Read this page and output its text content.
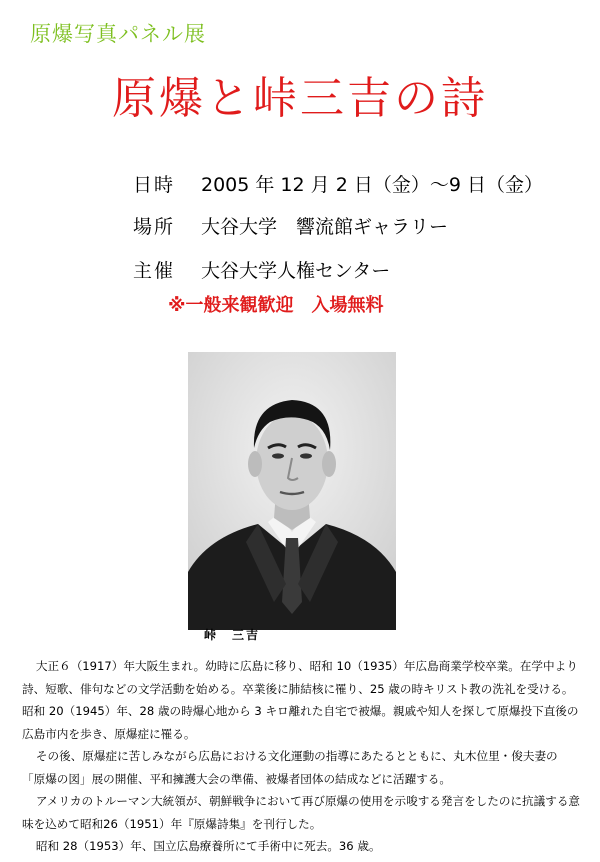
原爆写真パネル展
原爆と峠三吉の詩
日時 2005 年 12 月 2 日（金）～9 日（金）
場所 大谷大学　響流館ギャラリー
主催 大谷大学人権センター
※一般来観歓迎　入場無料
峠　三吉

大正６（1917）年大阪生まれ。幼時に広島に移り、昭和 10（1935）年広島商業学校卒業。在学中より詩、短歌、俳句などの文学活動を始める。卒業後に肺結核に罹り、25 歳の時キリスト教の洗礼を受ける。昭和 20（1945）年、28 歳の時爆心地から 3 キロ離れた自宅で被爆。親戚や知人を探して原爆投下直後の広島市内を歩き、原爆症に罹る。

その後、原爆症に苦しみながら広島における文化運動の指導にあたるとともに、丸木位里・俊夫妻の「原爆の図」展の開催、平和擁護大会の準備、被爆者団体の結成などに活躍する。

アメリカのトルーマン大統領が、朝鮮戦争において再び原爆の使用を示唆する発言をしたのに抗議する意味を込めて昭和26（1951）年『原爆詩集』を刊行した。

昭和 28（1953）年、国立広島療養所にて手術中に死去。36 歳。
